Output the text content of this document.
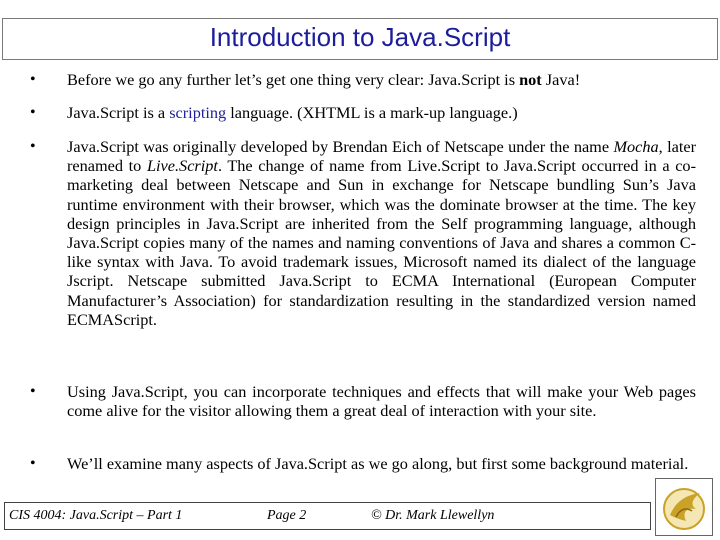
Introduction to Java.Script
• Before we go any further let’s get one thing very clear: Java.Script is not Java!
• Java.Script is a scripting language. (XHTML is a mark-up language.)
• Java.Script was originally developed by Brendan Eich of Netscape under the name Mocha, later renamed to Live.Script. The change of name from Live.Script to Java.Script occurred in a co-marketing deal between Netscape and Sun in exchange for Netscape bundling Sun’s Java runtime environment with their browser, which was the dominate browser at the time. The key design principles in Java.Script are inherited from the Self programming language, although Java.Script copies many of the names and naming conventions of Java and shares a common C-like syntax with Java. To avoid trademark issues, Microsoft named its dialect of the language Jscript. Netscape submitted Java.Script to ECMA International (European Computer Manufacturer’s Association) for standardization resulting in the standardized version named ECMAScript.
• Using Java.Script, you can incorporate techniques and effects that will make your Web pages come alive for the visitor allowing them a great deal of interaction with your site.
• We’ll examine many aspects of Java.Script as we go along, but first some background material.
CIS 4004: Java.Script – Part 1	Page 2	© Dr. Mark Llewellyn
